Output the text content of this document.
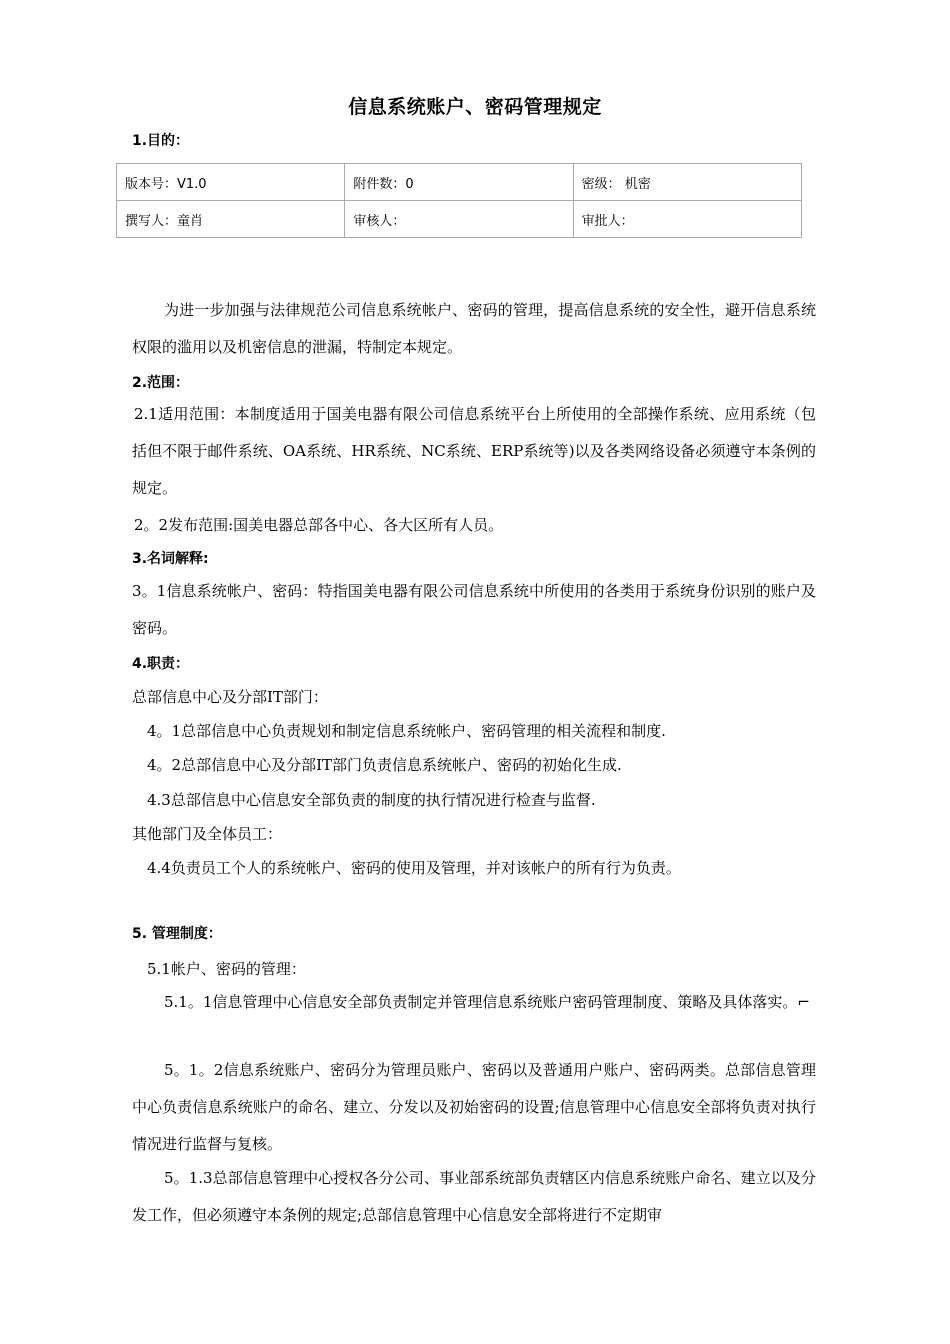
信息系统账户、密码管理规定
1.目的：
版本号：V1.0	附件数：0	密级： 机密
撰写人：童肖	审核人：	审批人：
为进一步加强与法律规范公司信息系统帐户、密码的管理，提高信息系统的安全性，避开信息系统权限的滥用以及机密信息的泄漏，特制定本规定。
2.范围：
2.1适用范围：本制度适用于国美电器有限公司信息系统平台上所使用的全部操作系统、应用系统（包括但不限于邮件系统、OA系统、HR系统、NC系统、ERP系统等)以及各类网络设备必须遵守本条例的规定。
2。2发布范围:国美电器总部各中心、各大区所有人员。
3.名词解释:
3。1信息系统帐户、密码：特指国美电器有限公司信息系统中所使用的各类用于系统身份识别的账户及密码。
4.职责：
总部信息中心及分部IT部门：
4。1总部信息中心负责规划和制定信息系统帐户、密码管理的相关流程和制度.
4。2总部信息中心及分部IT部门负责信息系统帐户、密码的初始化生成.
4.3总部信息中心信息安全部负责的制度的执行情况进行检查与监督.
其他部门及全体员工：
4.4负责员工个人的系统帐户、密码的使用及管理，并对该帐户的所有行为负责。
5. 管理制度：
5.1帐户、密码的管理：
5.1。1信息管理中心信息安全部负责制定并管理信息系统账户密码管理制度、策略及具体落实。⌐
5。1。2信息系统账户、密码分为管理员账户、密码以及普通用户账户、密码两类。总部信息管理中心负责信息系统账户的命名、建立、分发以及初始密码的设置;信息管理中心信息安全部将负责对执行情况进行监督与复核。
5。1.3总部信息管理中心授权各分公司、事业部系统部负责辖区内信息系统账户命名、建立以及分发工作，但必须遵守本条例的规定;总部信息管理中心信息安全部将进行不定期审
